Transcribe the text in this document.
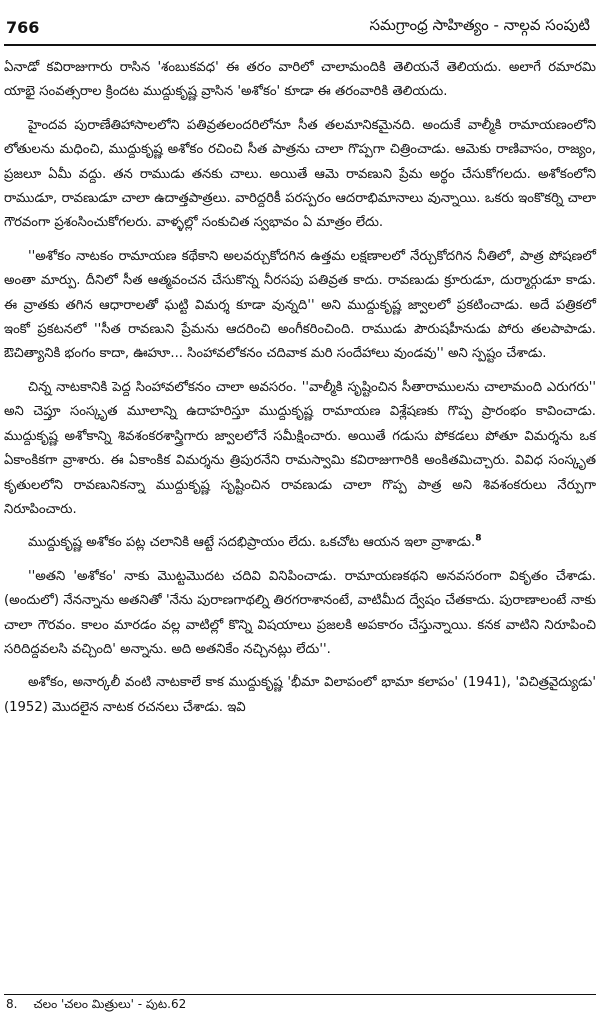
766	సమగ్రాంధ్ర సాహిత్యం - నాల్గవ సంపుటి

ఏనాడో కవిరాజుగారు రాసిన 'శంబుకవధ' ఈ తరం వారిలో చాలామందికి తెలియనే తెలియదు. అలాగే రమారమి యాభై సంవత్సరాల క్రిందట ముద్దుకృష్ణ వ్రాసిన 'అశోకం' కూడా ఈ తరంవారికి తెలియదు.

హైందవ పురాణేతిహాసాలలోని పతివ్రతలందరిలోనూ సీత తలమానికమైనది. అందుకే వాల్మీకి రామాయణంలోని లోతులను మధించి, ముద్దుకృష్ణ అశోకం రచించి సీత పాత్రను చాలా గొప్పగా చిత్రించాడు. ఆమెకు రాణివాసం, రాజ్యం, ప్రజలూ ఏమీ వద్దు. తన రాముడు తనకు చాలు. అయితే ఆమె రావణుని ప్రేమ అర్థం చేసుకోగలదు. అశోకంలోని రాముడూ, రావణుడూ చాలా ఉదాత్తపాత్రలు. వారిద్దరికీ పరస్పరం ఆదరాభిమానాలు వున్నాయి. ఒకరు ఇంకొకర్ని చాలా గౌరవంగా ప్రశంసించుకోగలరు. వాళ్ళల్లో సంకుచిత స్వభావం ఏ మాత్రం లేదు.

''అశోకం నాటకం రామాయణ కథేకాని అలవర్చుకోదగిన ఉత్తమ లక్షణాలలో నేర్చుకోదగిన నీతిలో, పాత్ర పోషణలో అంతా మార్పు. దీనిలో సీత ఆత్మవంచన చేసుకొన్న నీరసపు పతివ్రత కాదు. రావణుడు క్రూరుడూ, దుర్మార్గుడూ కాడు. ఈ వ్రాతకు తగిన ఆధారాలతో ఘట్టి విమర్శ కూడా వున్నది'' అని ముద్దుకృష్ణ జ్వాలలో ప్రకటించాడు. అదే పత్రికలో ఇంకో ప్రకటనలో ''సీత రావణుని ప్రేమను ఆదరించి అంగీకరించింది. రాముడు పౌరుషహీనుడు పోరు తలపాపాడు. ఔచిత్యానికి భంగం కాదా, ఊహూ... సింహావలోకనం చదివాక మరి సందేహాలు వుండవు'' అని స్పష్టం చేశాడు.

చిన్న నాటకానికి పెద్ద సింహావలోకనం చాలా అవసరం. ''వాల్మీకి సృష్టించిన సీతారాములను చాలామంది ఎరుగరు'' అని చెప్తూ సంస్కృత మూలాన్ని ఉదాహరిస్తూ ముద్దుకృష్ణ రామాయణ విశ్లేషణకు గొప్ప ప్రారంభం కావించాడు. ముద్దుకృష్ణ అశోకాన్ని శివశంకరశాస్త్రిగారు జ్వాలలోనే సమీక్షించారు. అయితే గడుసు పోకడలు పోతూ విమర్శను ఒక ఏకాంకికగా వ్రాశారు. ఈ ఏకాంకిక విమర్శను త్రిపురనేని రామస్వామి కవిరాజుగారికి అంకితమిచ్చారు. వివిధ సంస్కృత కృతులలోని రావణునికన్నా ముద్దుకృష్ణ సృష్టించిన రావణుడు చాలా గొప్ప పాత్ర అని శివశంకరులు నేర్పుగా నిరూపించారు.

ముద్దుకృష్ణ అశోకం పట్ల చలానికి ఆట్టే సదభిప్రాయం లేదు. ఒకచోట ఆయన ఇలా వ్రాశాడు.$^8$

''అతని 'అశోకం' నాకు మొట్టమొదట చదివి వినిపించాడు. రామాయణకథని అనవసరంగా వికృతం చేశాడు. (అందులో) నేనన్నాను అతనితో 'నేను పురాణగాథల్ని తిరగరాశానంటే, వాటిమీద ద్వేషం చేతకాదు. పురాణాలంటే నాకు చాలా గౌరవం. కాలం మారడం వల్ల వాటిల్లో కొన్ని విషయాలు ప్రజలకి అపకారం చేస్తున్నాయి. కనక వాటిని నిరూపించి సరిదిద్దవలసి వచ్చింది' అన్నాను. అది అతనికేం నచ్చినట్లు లేదు''.

అశోకం, అనార్కలీ వంటి నాటకాలే కాక ముద్దుకృష్ణ 'భీమా విలాపంలో భామా కలాపం' (1941), 'విచిత్రవైద్యుడు' (1952) మొదలైన నాటక రచనలు చేశాడు. ఇవి

8. చలం 'చలం మిత్రులు' - పుట.62
